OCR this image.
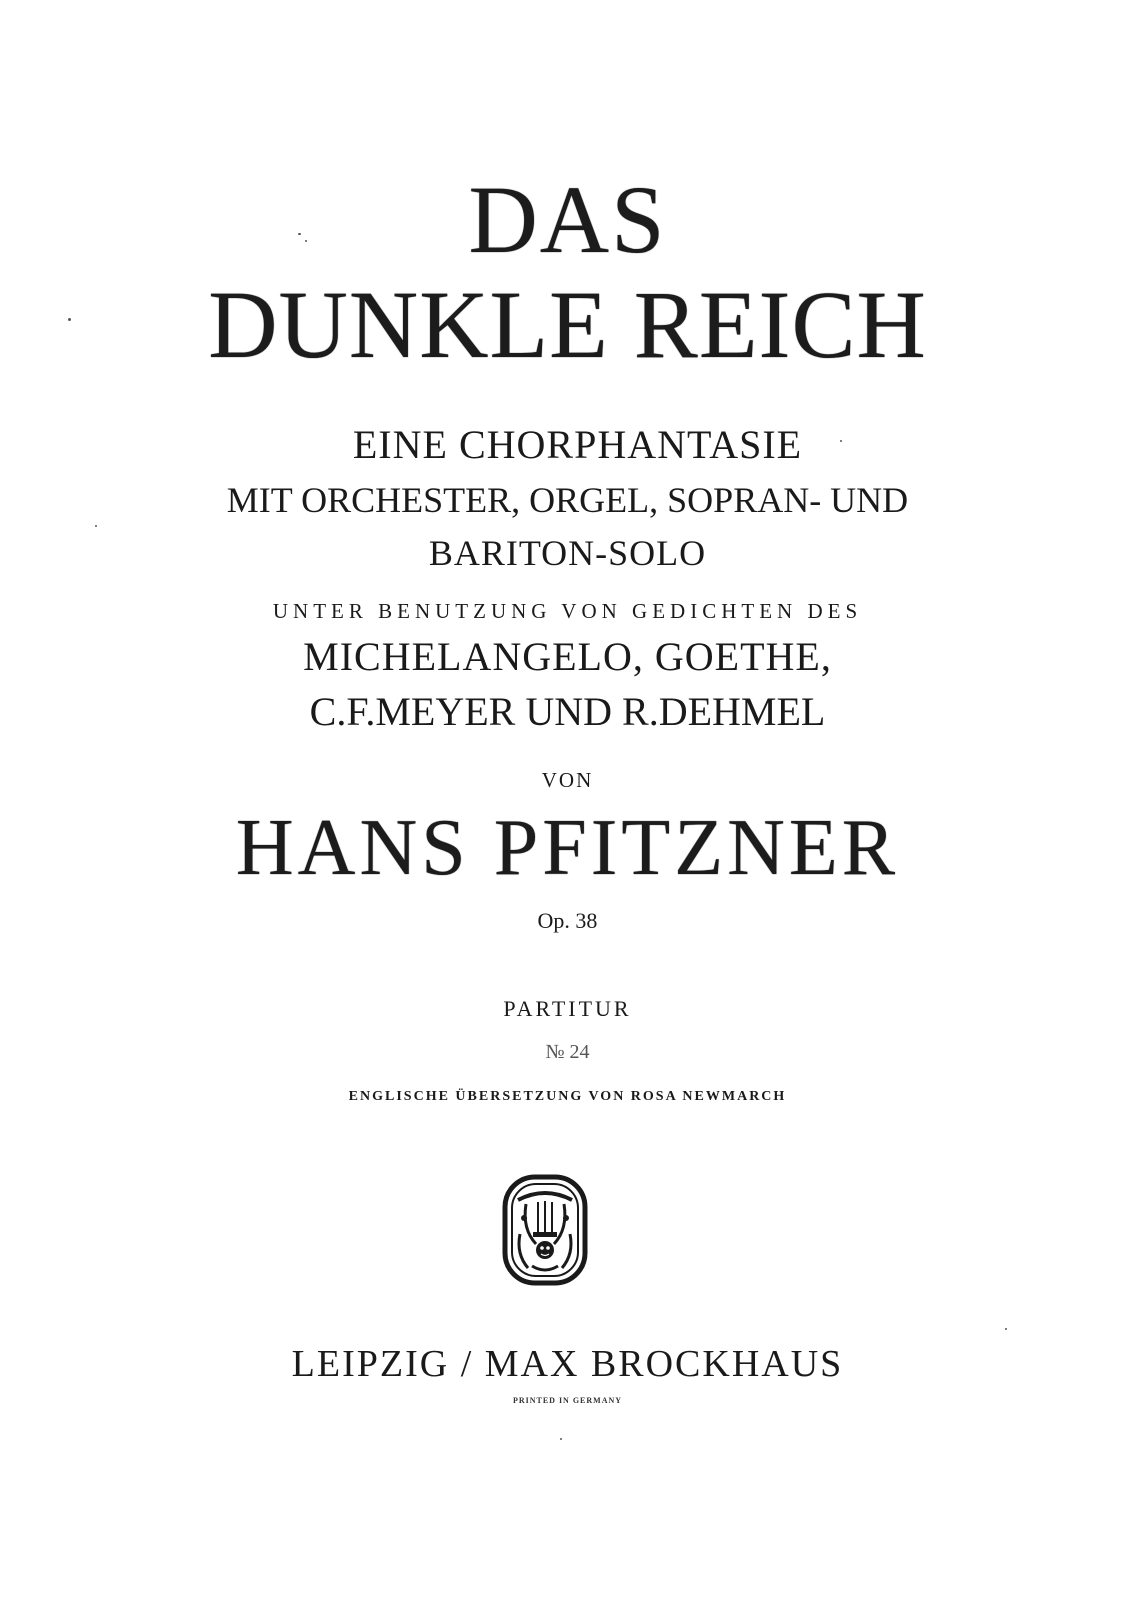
DAS
DUNKLE REICH
EINE CHORPHANTASIE
MIT ORCHESTER, ORGEL, SOPRAN- UND
BARITON-SOLO
UNTER BENUTZUNG VON GEDICHTEN DES
MICHELANGELO, GOETHE,
C.F.MEYER UND R.DEHMEL
VON
HANS PFITZNER
Op. 38
PARTITUR
№ 24
ENGLISCHE ÜBERSETZUNG VON ROSA NEWMARCH
LEIPZIG / MAX BROCKHAUS
PRINTED IN GERMANY
